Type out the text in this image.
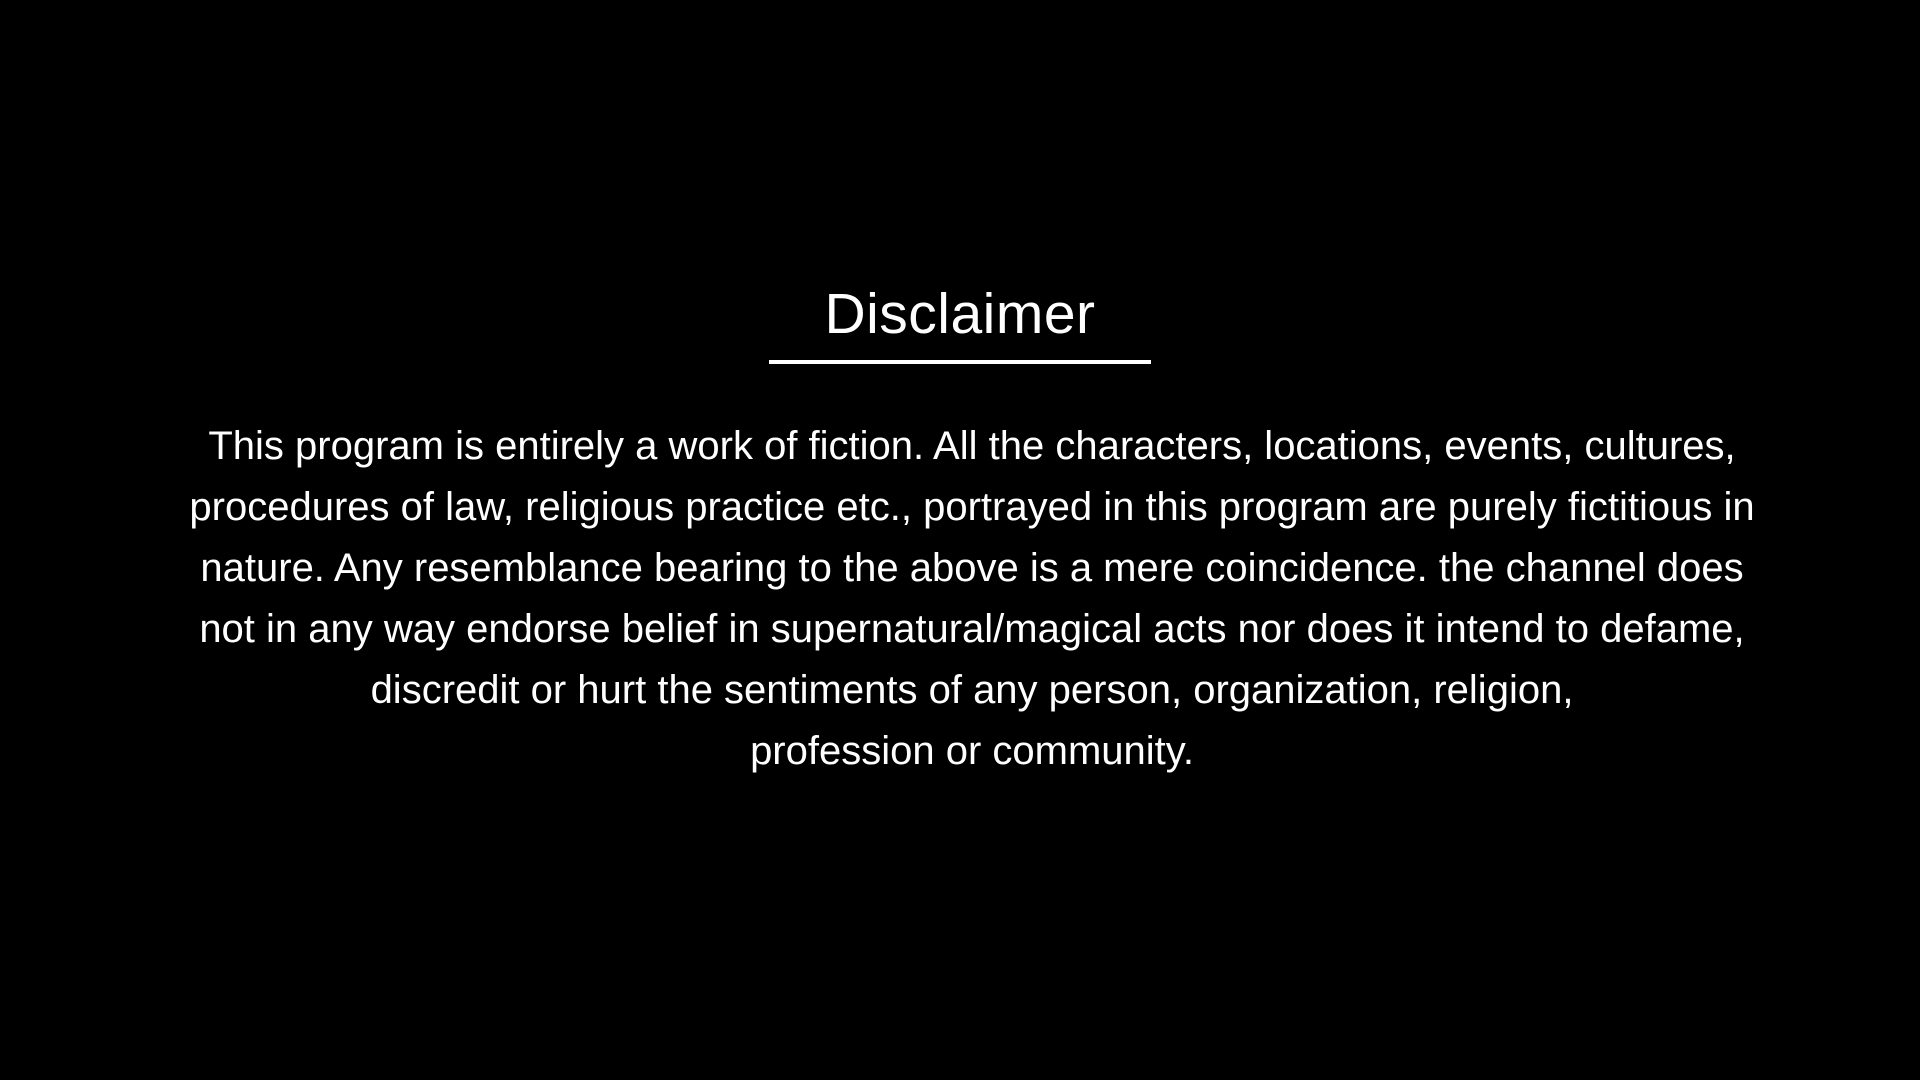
Disclaimer
This program is entirely a work of fiction. All the characters, locations, events, cultures,
procedures of law, religious practice etc., portrayed in this program are purely fictitious in
nature. Any resemblance bearing to the above is a mere coincidence. the channel does
not in any way endorse belief in supernatural/magical acts nor does it intend to defame,
discredit or hurt the sentiments of any person, organization, religion,
profession or community.
